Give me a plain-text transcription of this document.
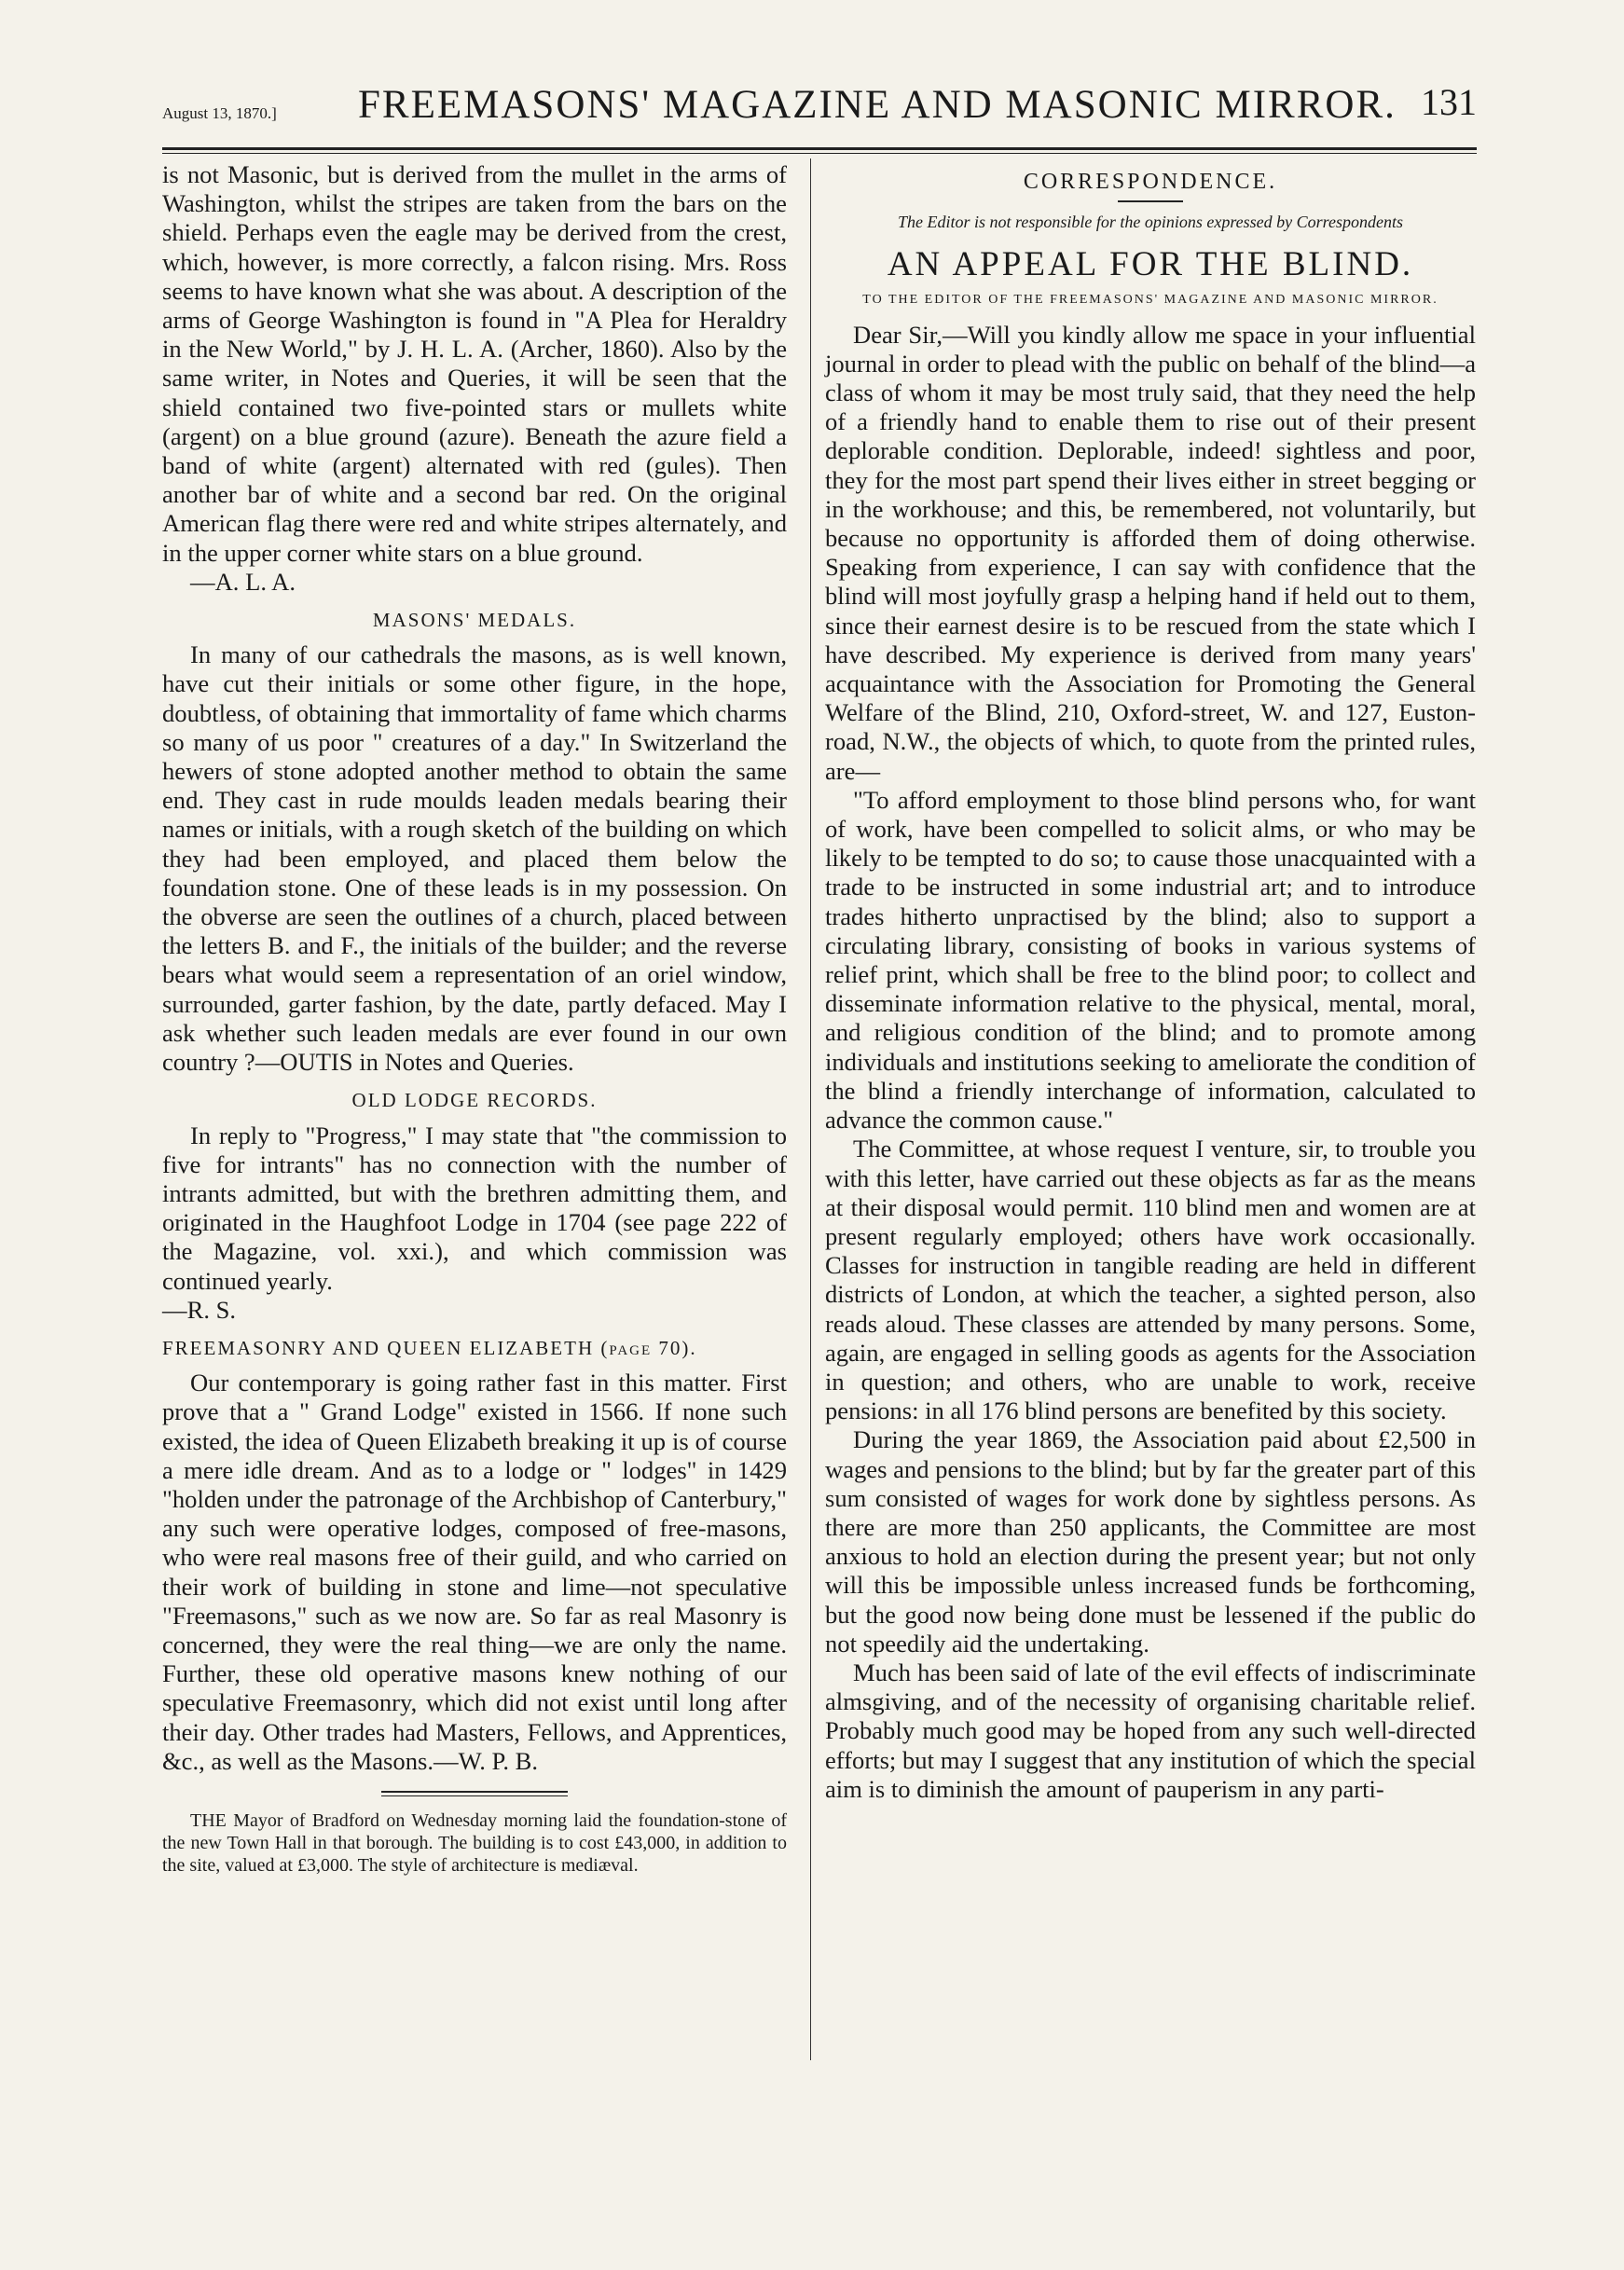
August 13, 1870.] FREEMASONS' MAGAZINE AND MASONIC MIRROR. 131

is not Masonic, but is derived from the mullet in the arms of Washington, whilst the stripes are taken from the bars on the shield. Perhaps even the eagle may be derived from the crest, which, however, is more correctly, a falcon rising. Mrs. Ross seems to have known what she was about. A description of the arms of George Washington is found in "A Plea for Heraldry in the New World," by J. H. L. A. (Archer, 1860). Also by the same writer, in Notes and Queries, it will be seen that the shield contained two five-pointed stars or mullets white (argent) on a blue ground (azure). Beneath the azure field a band of white (argent) alternated with red (gules). Then another bar of white and a second bar red. On the original American flag there were red and white stripes alternately, and in the upper corner white stars on a blue ground.

—A. L. A.

MASONS' MEDALS.

In many of our cathedrals the masons, as is well known, have cut their initials or some other figure, in the hope, doubtless, of obtaining that immortality of fame which charms so many of us poor " creatures of a day." In Switzerland the hewers of stone adopted another method to obtain the same end. They cast in rude moulds leaden medals bearing their names or initials, with a rough sketch of the building on which they had been employed, and placed them below the foundation stone. One of these leads is in my possession. On the obverse are seen the outlines of a church, placed between the letters B. and F., the initials of the builder; and the reverse bears what would seem a representation of an oriel window, surrounded, garter fashion, by the date, partly defaced. May I ask whether such leaden medals are ever found in our own country ?—OUTIS in Notes and Queries.

OLD LODGE RECORDS.

In reply to "Progress," I may state that "the commission to five for intrants" has no connection with the number of intrants admitted, but with the brethren admitting them, and originated in the Haughfoot Lodge in 1704 (see page 222 of the Magazine, vol. xxi.), and which commission was continued yearly.

—R. S.

FREEMASONRY AND QUEEN ELIZABETH (page 70).

Our contemporary is going rather fast in this matter. First prove that a " Grand Lodge" existed in 1566. If none such existed, the idea of Queen Elizabeth breaking it up is of course a mere idle dream. And as to a lodge or " lodges" in 1429 "holden under the patronage of the Archbishop of Canterbury," any such were operative lodges, composed of free-masons, who were real masons free of their guild, and who carried on their work of building in stone and lime—not speculative "Freemasons," such as we now are. So far as real Masonry is concerned, they were the real thing—we are only the name. Further, these old operative masons knew nothing of our speculative Freemasonry, which did not exist until long after their day. Other trades had Masters, Fellows, and Apprentices, &c., as well as the Masons.—W. P. B.

THE Mayor of Bradford on Wednesday morning laid the foundation-stone of the new Town Hall in that borough. The building is to cost £43,000, in addition to the site, valued at £3,000. The style of architecture is mediæval.

CORRESPONDENCE.
The Editor is not responsible for the opinions expressed by Correspondents
AN APPEAL FOR THE BLIND.
TO THE EDITOR OF THE FREEMASONS' MAGAZINE AND MASONIC MIRROR.

Dear Sir,—Will you kindly allow me space in your influential journal in order to plead with the public on behalf of the blind—a class of whom it may be most truly said, that they need the help of a friendly hand to enable them to rise out of their present deplorable condition. Deplorable, indeed! sightless and poor, they for the most part spend their lives either in street begging or in the workhouse; and this, be remembered, not voluntarily, but because no opportunity is afforded them of doing otherwise. Speaking from experience, I can say with confidence that the blind will most joyfully grasp a helping hand if held out to them, since their earnest desire is to be rescued from the state which I have described. My experience is derived from many years' acquaintance with the Association for Promoting the General Welfare of the Blind, 210, Oxford-street, W. and 127, Euston-road, N.W., the objects of which, to quote from the printed rules, are—

"To afford employment to those blind persons who, for want of work, have been compelled to solicit alms, or who may be likely to be tempted to do so; to cause those unacquainted with a trade to be instructed in some industrial art; and to introduce trades hitherto unpractised by the blind; also to support a circulating library, consisting of books in various systems of relief print, which shall be free to the blind poor; to collect and disseminate information relative to the physical, mental, moral, and religious condition of the blind; and to promote among individuals and institutions seeking to ameliorate the condition of the blind a friendly interchange of information, calculated to advance the common cause."

The Committee, at whose request I venture, sir, to trouble you with this letter, have carried out these objects as far as the means at their disposal would permit. 110 blind men and women are at present regularly employed; others have work occasionally. Classes for instruction in tangible reading are held in different districts of London, at which the teacher, a sighted person, also reads aloud. These classes are attended by many persons. Some, again, are engaged in selling goods as agents for the Association in question; and others, who are unable to work, receive pensions: in all 176 blind persons are benefited by this society.

During the year 1869, the Association paid about £2,500 in wages and pensions to the blind; but by far the greater part of this sum consisted of wages for work done by sightless persons. As there are more than 250 applicants, the Committee are most anxious to hold an election during the present year; but not only will this be impossible unless increased funds be forthcoming, but the good now being done must be lessened if the public do not speedily aid the undertaking.

Much has been said of late of the evil effects of indiscriminate almsgiving, and of the necessity of organising charitable relief. Probably much good may be hoped from any such well-directed efforts; but may I suggest that any institution of which the special aim is to diminish the amount of pauperism in any parti-
